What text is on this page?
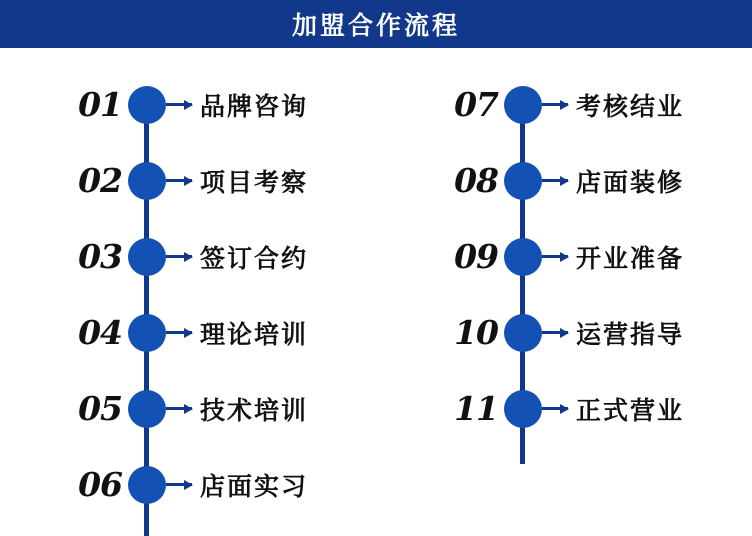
加盟合作流程
01	品牌咨询
02	项目考察
03	签订合约
04	理论培训
05	技术培训
06	店面实习
07	考核结业
08	店面装修
09	开业准备
10	运营指导
11	正式营业
